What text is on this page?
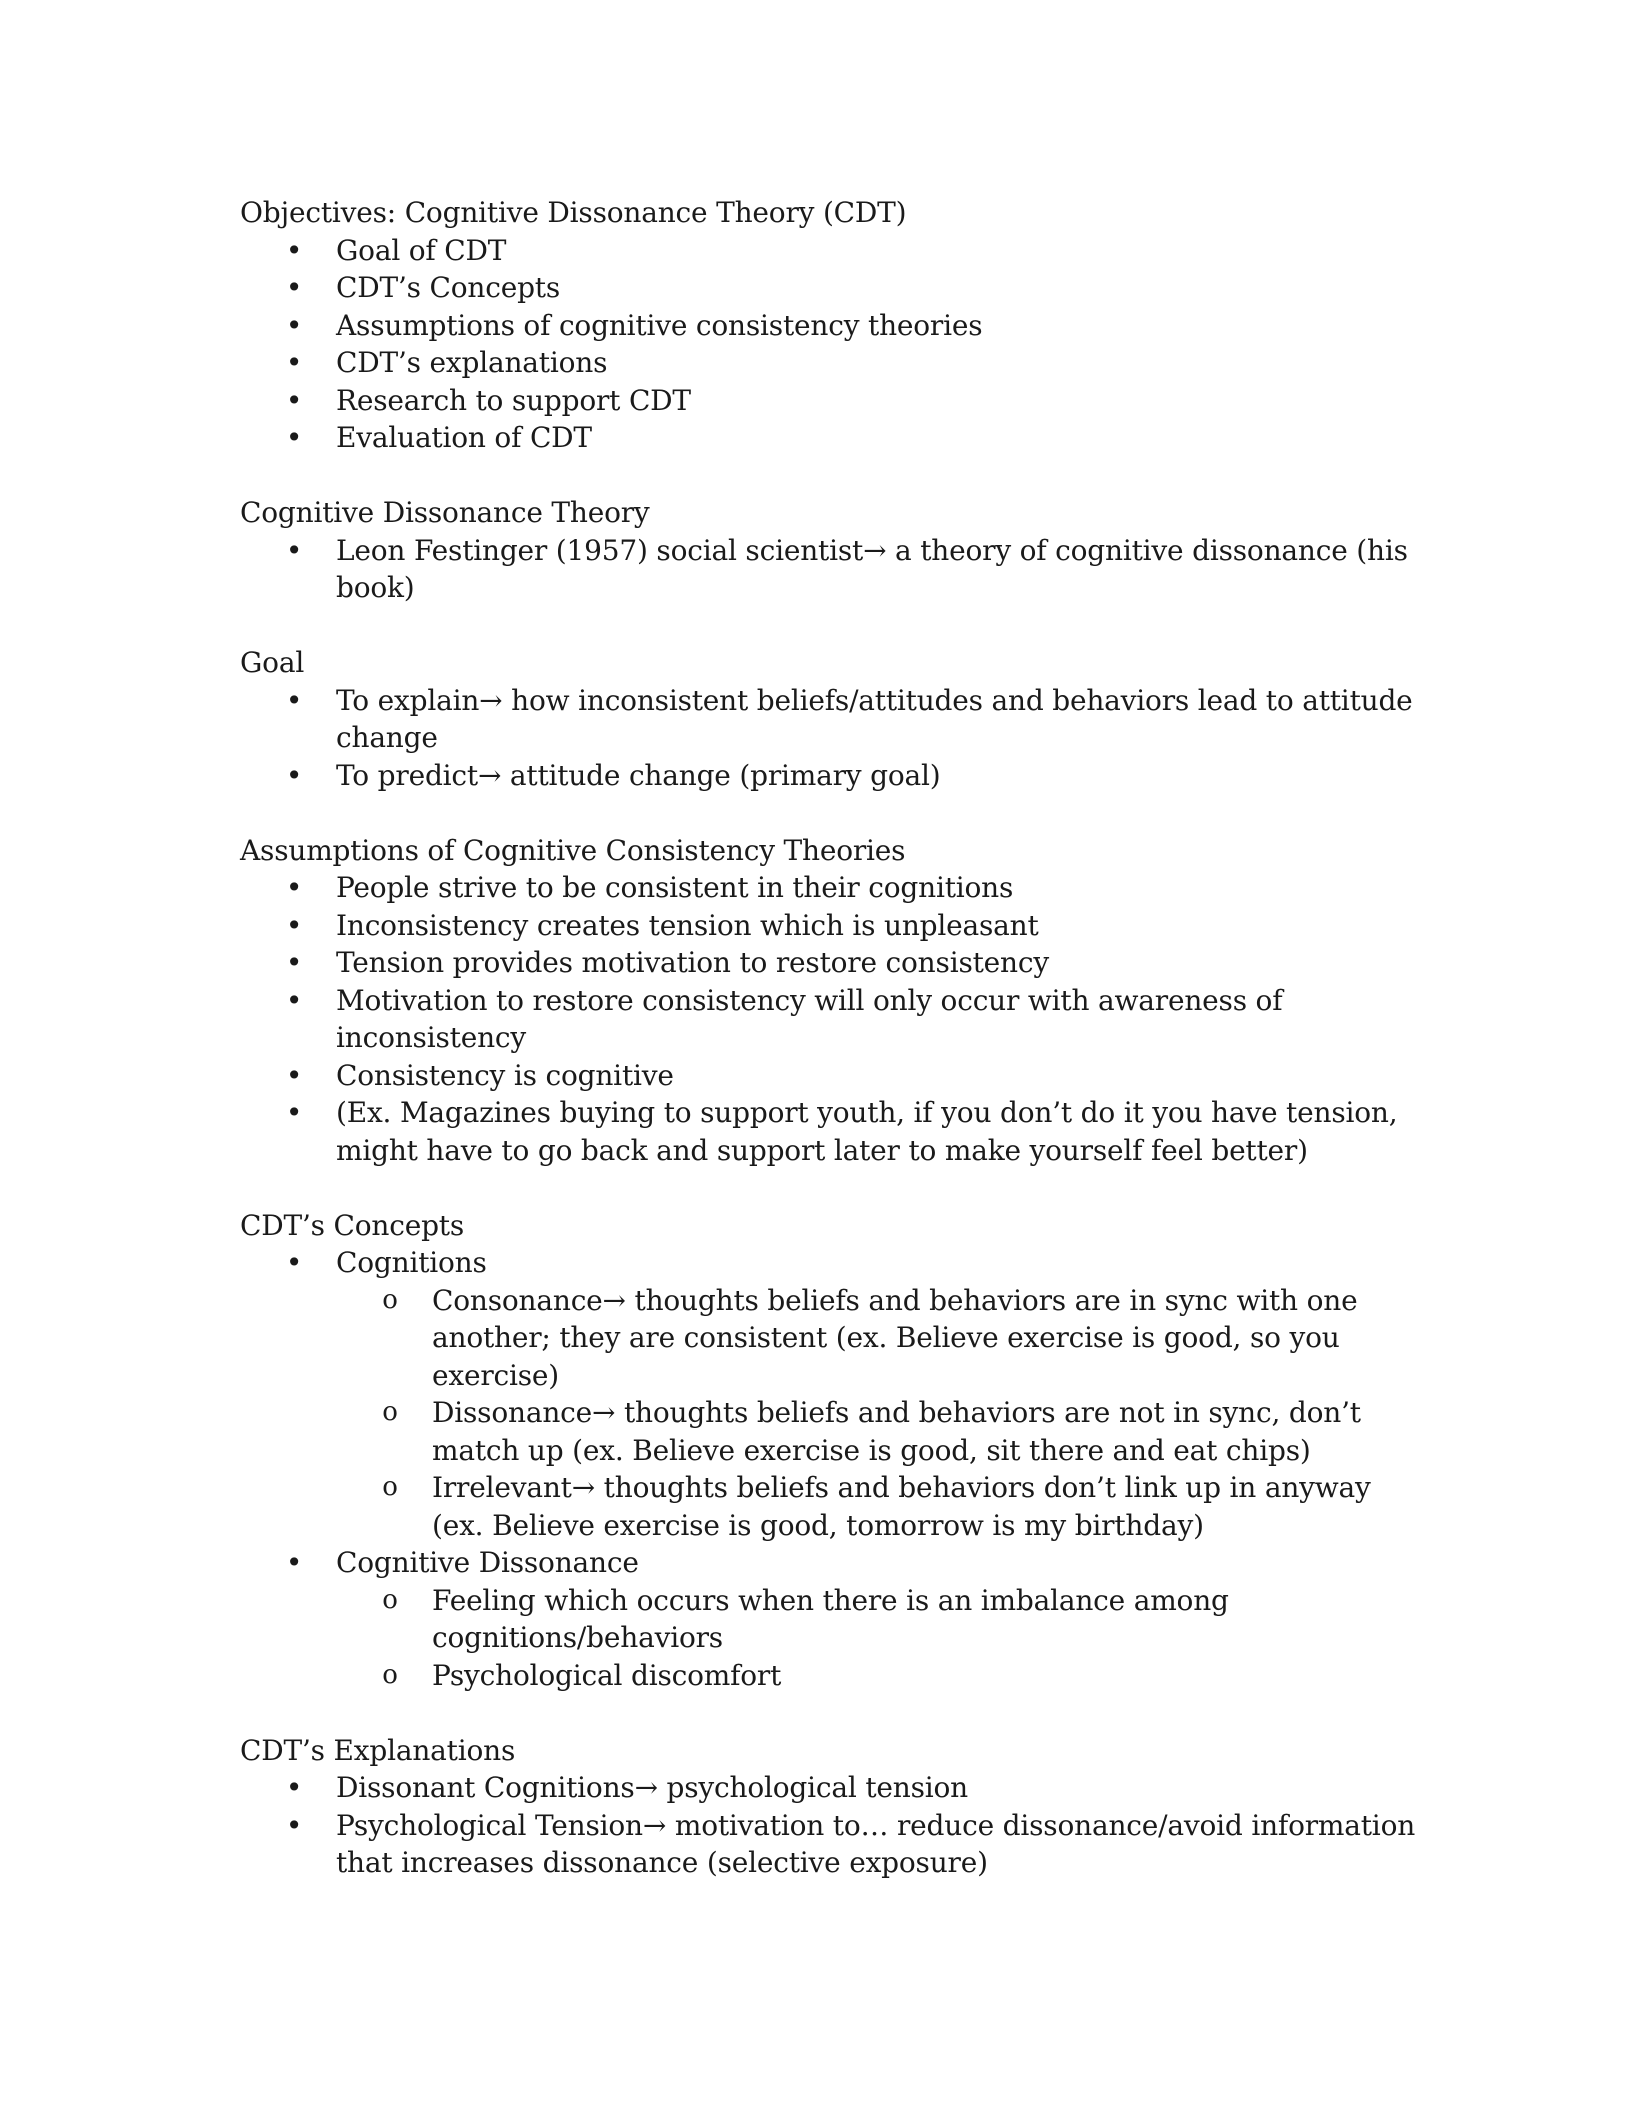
Objectives: Cognitive Dissonance Theory (CDT)
• Goal of CDT
• CDT’s Concepts
• Assumptions of cognitive consistency theories
• CDT’s explanations
• Research to support CDT
• Evaluation of CDT
Cognitive Dissonance Theory
• Leon Festinger (1957) social scientist→ a theory of cognitive dissonance (his book)
Goal
• To explain→ how inconsistent beliefs/attitudes and behaviors lead to attitude change
• To predict→ attitude change (primary goal)
Assumptions of Cognitive Consistency Theories
• People strive to be consistent in their cognitions
• Inconsistency creates tension which is unpleasant
• Tension provides motivation to restore consistency
• Motivation to restore consistency will only occur with awareness of inconsistency
• Consistency is cognitive
• (Ex. Magazines buying to support youth, if you don’t do it you have tension, might have to go back and support later to make yourself feel better)
CDT’s Concepts
• Cognitions
o Consonance→ thoughts beliefs and behaviors are in sync with one another; they are consistent (ex. Believe exercise is good, so you exercise)
o Dissonance→ thoughts beliefs and behaviors are not in sync, don’t match up (ex. Believe exercise is good, sit there and eat chips)
o Irrelevant→ thoughts beliefs and behaviors don’t link up in anyway (ex. Believe exercise is good, tomorrow is my birthday)
• Cognitive Dissonance
o Feeling which occurs when there is an imbalance among cognitions/behaviors
o Psychological discomfort
CDT’s Explanations
• Dissonant Cognitions→ psychological tension
• Psychological Tension→ motivation to… reduce dissonance/avoid information that increases dissonance (selective exposure)
